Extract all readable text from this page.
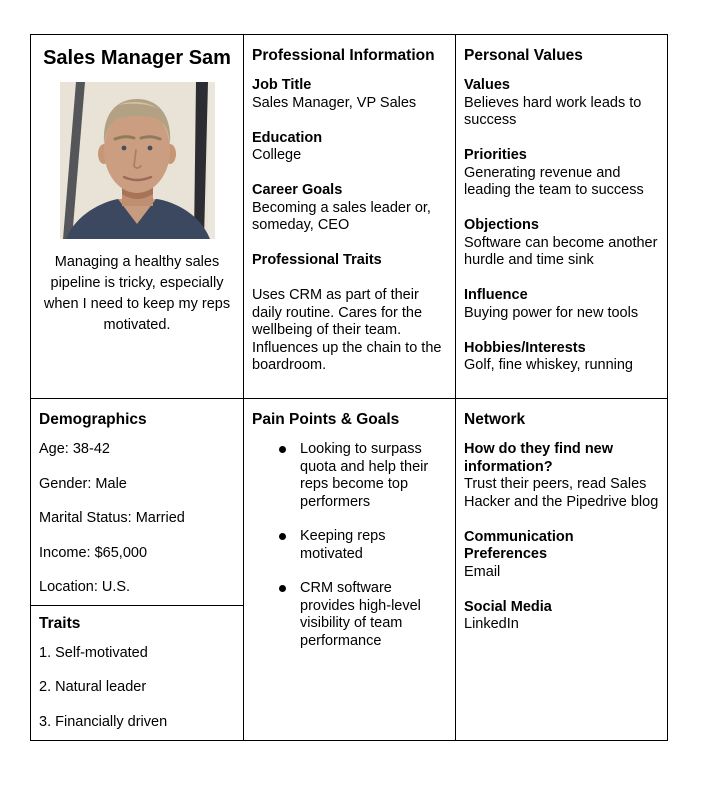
Sales Manager Sam
Managing a healthy sales pipeline is tricky, especially when I need to keep my reps motivated.
Professional Information
Job Title
Sales Manager, VP Sales
Education
College
Career Goals
Becoming a sales leader or, someday, CEO
Professional Traits
Uses CRM as part of their daily routine. Cares for the wellbeing of their team. Influences up the chain to the boardroom.
Personal Values
Values
Believes hard work leads to success
Priorities
Generating revenue and leading the team to success
Objections
Software can become another hurdle and time sink
Influence
Buying power for new tools
Hobbies/Interests
Golf, fine whiskey, running
Demographics

Age: 38-42

Gender: Male

Marital Status: Married

Income: $65,000

Location: U.S.

Traits

1. Self-motivated

2. Natural leader

3. Financially driven

Pain Points & Goals
Looking to surpass quota and help their reps become top performers
Keeping reps motivated
CRM software provides high-level visibility of team performance
Network
How do they find new information?
Trust their peers, read Sales Hacker and the Pipedrive blog
Communication Preferences
Email
Social Media
LinkedIn
